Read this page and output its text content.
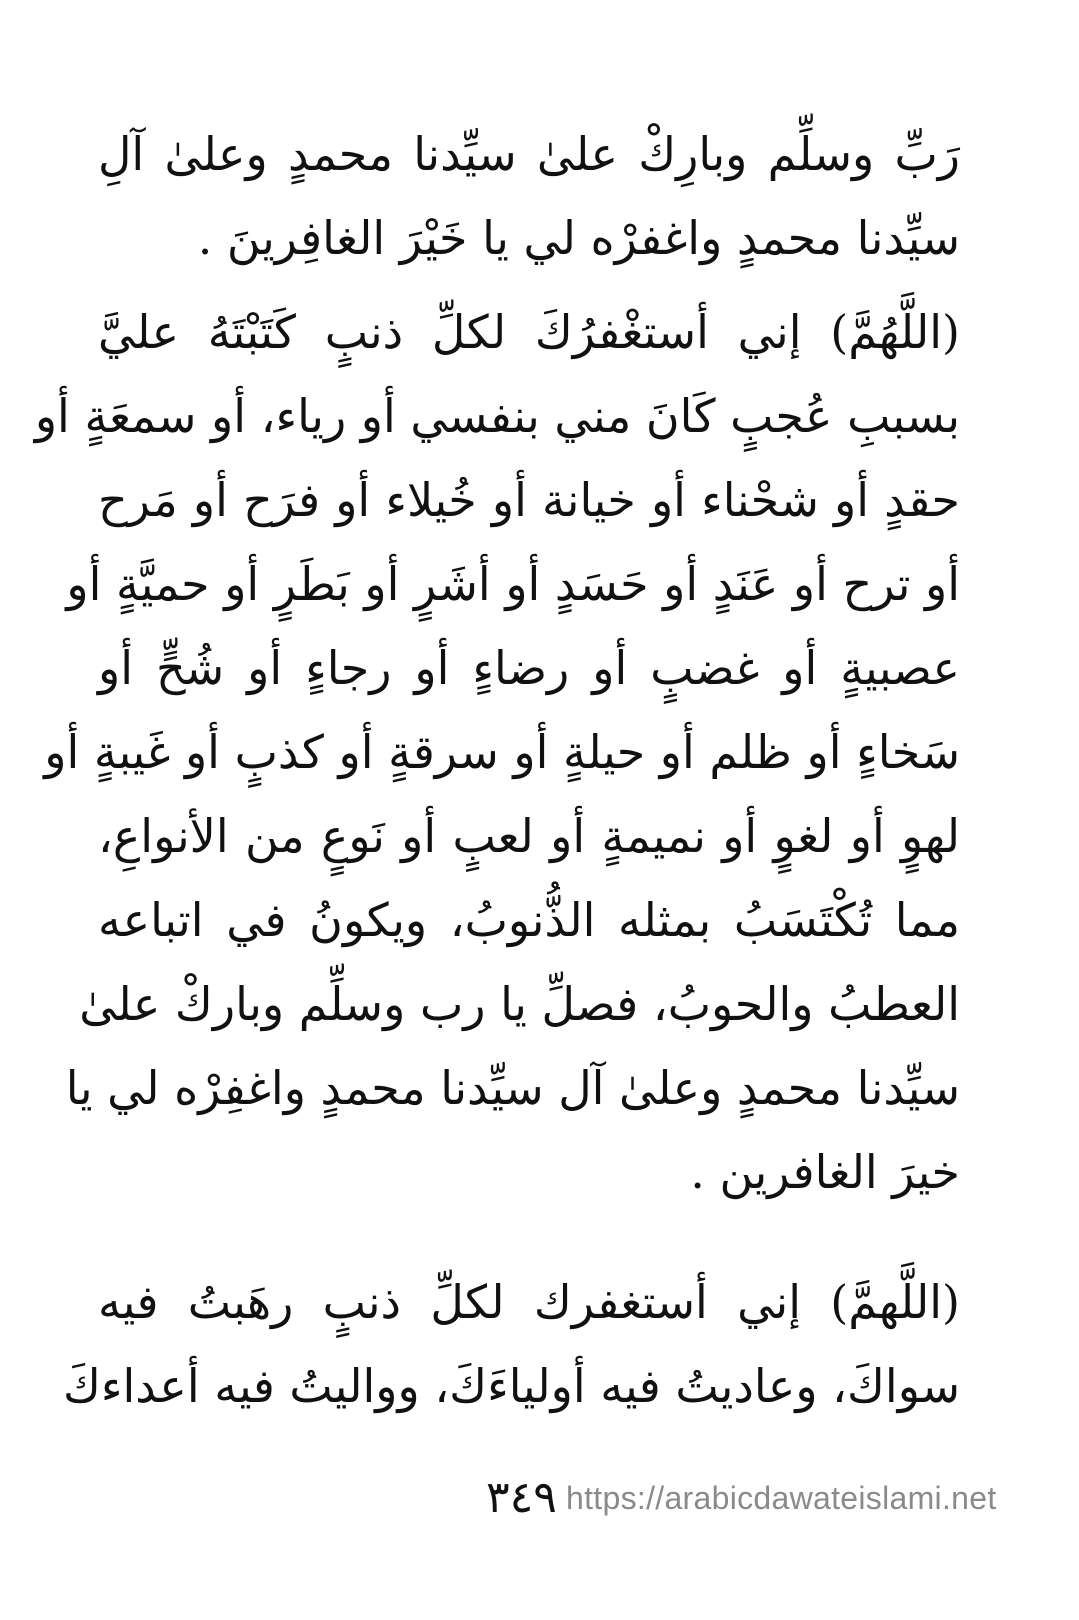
رَبِّ وسلِّم وبارِكْ علىٰ سيِّدنا محمدٍ وعلىٰ آلِ
سيِّدنا محمدٍ واغفرْه لي يا خَيْرَ الغافِرينَ .
(اللَّهُمَّ) إني أستغْفرُكَ لكلِّ ذنبٍ كَتَبْتَهُ عليَّ
بسببِ عُجبٍ كَانَ مني بنفسي أو رياء، أو سمعَةٍ أو
حقدٍ أو شحْناء أو خيانة أو خُيلاء أو فرَح أو مَرح
أو ترح أو عَنَدٍ أو حَسَدٍ أو أشَرٍ أو بَطَرٍ أو حميَّةٍ أو
عصبيةٍ أو غضبٍ أو رضاءٍ أو رجاءٍ أو شُحٍّ أو
سَخاءٍ أو ظلم أو حيلةٍ أو سرقةٍ أو كذبٍ أو غَيبةٍ أو
لهوٍ أو لغوٍ أو نميمةٍ أو لعبٍ أو نَوعٍ من الأنواعِ،
مما تُكْتَسَبُ بمثله الذُّنوبُ، ويكونُ في اتباعه
العطبُ والحوبُ، فصلِّ يا رب وسلِّم وباركْ علىٰ
سيِّدنا محمدٍ وعلىٰ آل سيِّدنا محمدٍ واغفِرْه لي يا
خيرَ الغافرين .
(اللَّهمَّ) إني أستغفرك لكلِّ ذنبٍ رهَبتُ فيه
سواكَ، وعاديتُ فيه أولياءَكَ، وواليتُ فيه أعداءكَ
٣٤٩ https://arabicdawateislami.net
